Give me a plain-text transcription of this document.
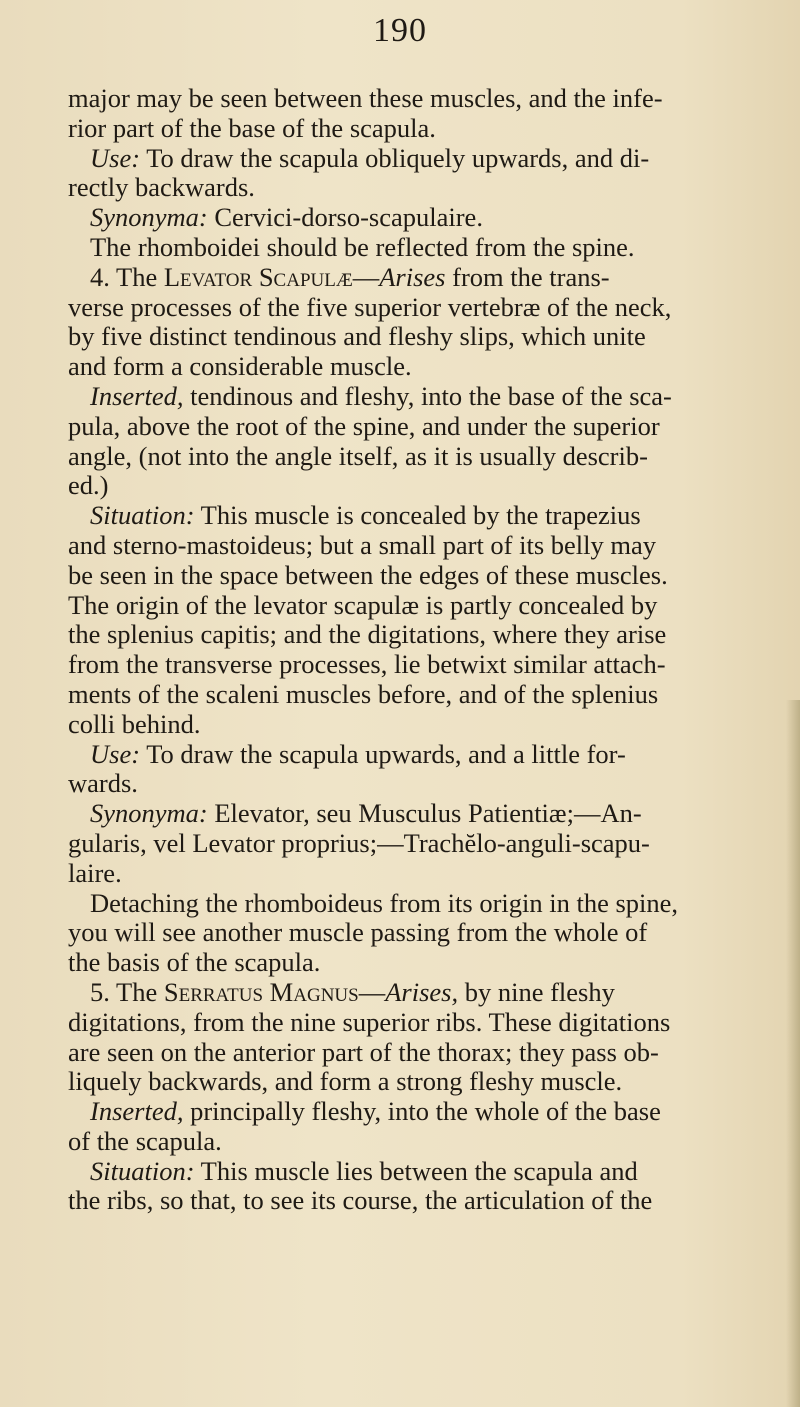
190
major may be seen between these muscles, and the infe-
rior part of the base of the scapula.
Use: To draw the scapula obliquely upwards, and di-
rectly backwards.
Synonyma: Cervici-dorso-scapulaire.
The rhomboidei should be reflected from the spine.
4. The Levator Scapulæ—Arises from the trans-
verse processes of the five superior vertebræ of the neck,
by five distinct tendinous and fleshy slips, which unite
and form a considerable muscle.
Inserted, tendinous and fleshy, into the base of the sca-
pula, above the root of the spine, and under the superior
angle, (not into the angle itself, as it is usually describ-
ed.)
Situation: This muscle is concealed by the trapezius
and sterno-mastoideus; but a small part of its belly may
be seen in the space between the edges of these muscles.
The origin of the levator scapulæ is partly concealed by
the splenius capitis; and the digitations, where they arise
from the transverse processes, lie betwixt similar attach-
ments of the scaleni muscles before, and of the splenius
colli behind.
Use: To draw the scapula upwards, and a little for-
wards.
Synonyma: Elevator, seu Musculus Patientiæ;—An-
gularis, vel Levator proprius;—Trachĕlo-anguli-scapu-
laire.
Detaching the rhomboideus from its origin in the spine,
you will see another muscle passing from the whole of
the basis of the scapula.
5. The Serratus Magnus—Arises, by nine fleshy
digitations, from the nine superior ribs. These digitations
are seen on the anterior part of the thorax; they pass ob-
liquely backwards, and form a strong fleshy muscle.
Inserted, principally fleshy, into the whole of the base
of the scapula.
Situation: This muscle lies between the scapula and
the ribs, so that, to see its course, the articulation of the
